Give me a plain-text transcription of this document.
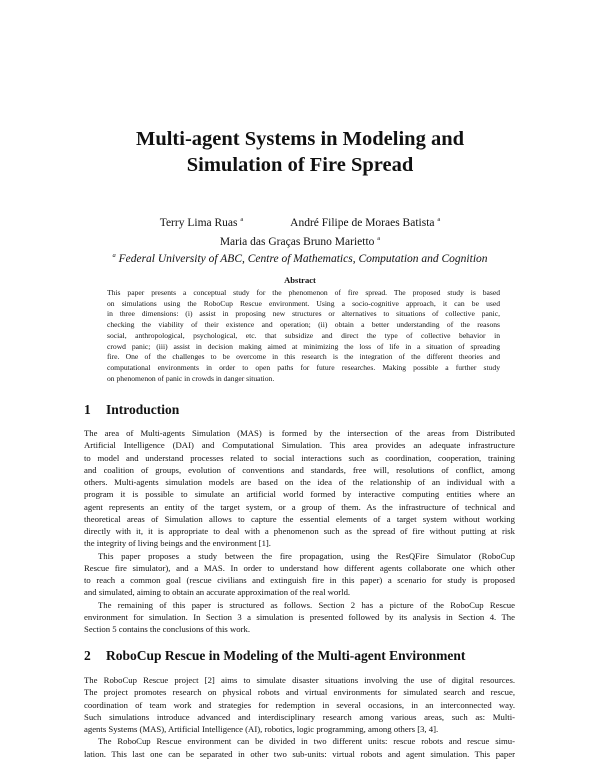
Multi-agent Systems in Modeling and
Simulation of Fire Spread
Terry Lima Ruas $^a$	André Filipe de Moraes Batista $^a$
Maria das Graças Bruno Marietto $^a$
$^a$ Federal University of ABC, Centre of Mathematics, Computation and Cognition
Abstract
This paper presents a conceptual study for the phenomenon of fire spread. The proposed study is based
on simulations using the RoboCup Rescue environment. Using a socio-cognitive approach, it can be used
in three dimensions: (i) assist in proposing new structures or alternatives to situations of collective panic,
checking the viability of their existence and operation; (ii) obtain a better understanding of the reasons
social, anthropological, psychological, etc. that subsidize and direct the type of collective behavior in
crowd panic; (iii) assist in decision making aimed at minimizing the loss of life in a situation of spreading
fire. One of the challenges to be overcome in this research is the integration of the different theories and
computational environments in order to open paths for future researches. Making possible a further study
on phenomenon of panic in crowds in danger situation.
1 Introduction
The area of Multi-agents Simulation (MAS) is formed by the intersection of the areas from Distributed
Artificial Intelligence (DAI) and Computational Simulation. This area provides an adequate infrastructure
to model and understand processes related to social interactions such as coordination, cooperation, training
and coalition of groups, evolution of conventions and standards, free will, resolutions of conflict, among
others. Multi-agents simulation models are based on the idea of the relationship of an individual with a
program it is possible to simulate an artificial world formed by interactive computing entities where an
agent represents an entity of the target system, or a group of them. As the infrastructure of technical and
theoretical areas of Simulation allows to capture the essential elements of a target system without working
directly with it, it is appropriate to deal with a phenomenon such as the spread of fire without putting at risk
the integrity of living beings and the environment [1].
This paper proposes a study between the fire propagation, using the ResQFire Simulator (RoboCup
Rescue fire simulator), and a MAS. In order to understand how different agents collaborate one which other
to reach a common goal (rescue civilians and extinguish fire in this paper) a scenario for study is proposed
and simulated, aiming to obtain an accurate approximation of the real world.
The remaining of this paper is structured as follows. Section 2 has a picture of the RoboCup Rescue
environment for simulation. In Section 3 a simulation is presented followed by its analysis in Section 4. The
Section 5 contains the conclusions of this work.
2 RoboCup Rescue in Modeling of the Multi-agent Environment
The RoboCup Rescue project [2] aims to simulate disaster situations involving the use of digital resources.
The project promotes research on physical robots and virtual environments for simulated search and rescue,
coordination of team work and strategies for redemption in several occasions, in an interconnected way.
Such simulations introduce advanced and interdisciplinary research among various areas, such as: Multi-
agents Systems (MAS), Artificial Intelligence (AI), robotics, logic programming, among others [3, 4].
The RoboCup Rescue environment can be divided in two different units: rescue robots and rescue simu-
lation. This last one can be separated in other two sub-units: virtual robots and agent simulation. This paper
